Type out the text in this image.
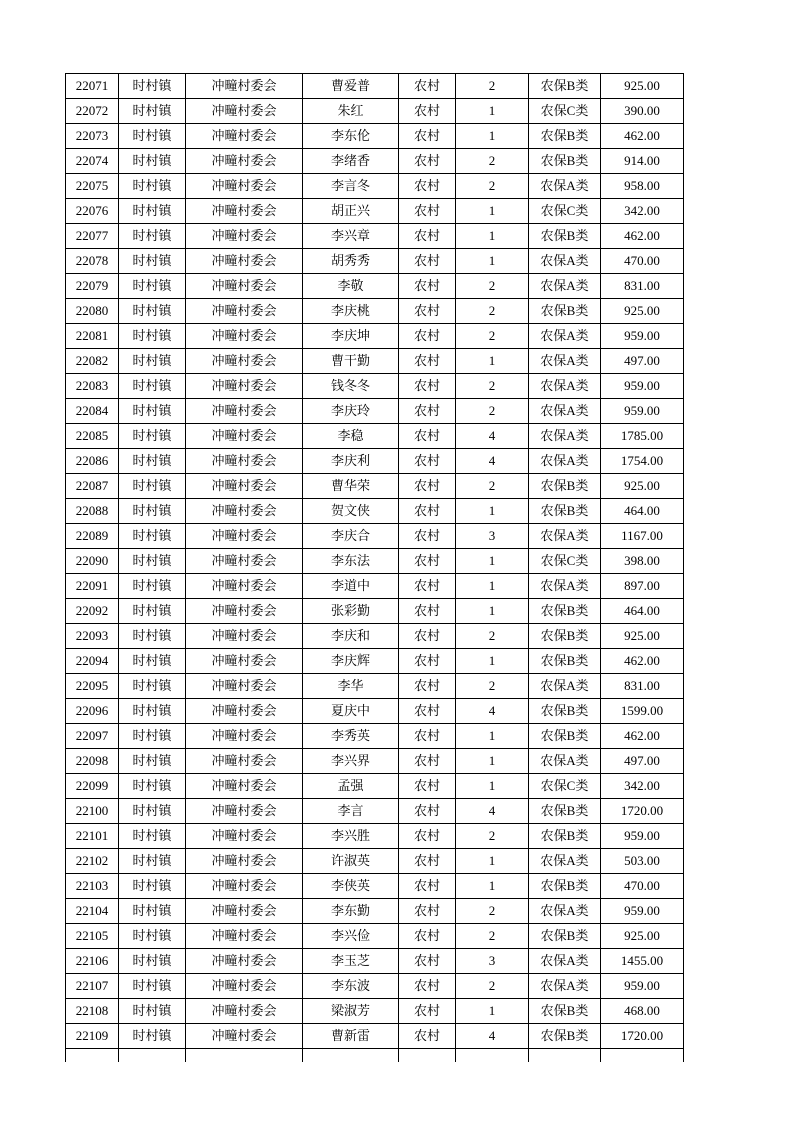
22071	时村镇	冲疃村委会	曹爱普	农村	2	农保B类	925.00
22072	时村镇	冲疃村委会	朱红	农村	1	农保C类	390.00
22073	时村镇	冲疃村委会	李东伦	农村	1	农保B类	462.00
22074	时村镇	冲疃村委会	李绪香	农村	2	农保B类	914.00
22075	时村镇	冲疃村委会	李言冬	农村	2	农保A类	958.00
22076	时村镇	冲疃村委会	胡正兴	农村	1	农保C类	342.00
22077	时村镇	冲疃村委会	李兴章	农村	1	农保B类	462.00
22078	时村镇	冲疃村委会	胡秀秀	农村	1	农保A类	470.00
22079	时村镇	冲疃村委会	李敬	农村	2	农保A类	831.00
22080	时村镇	冲疃村委会	李庆桃	农村	2	农保B类	925.00
22081	时村镇	冲疃村委会	李庆坤	农村	2	农保A类	959.00
22082	时村镇	冲疃村委会	曹干勤	农村	1	农保A类	497.00
22083	时村镇	冲疃村委会	钱冬冬	农村	2	农保A类	959.00
22084	时村镇	冲疃村委会	李庆玲	农村	2	农保A类	959.00
22085	时村镇	冲疃村委会	李稳	农村	4	农保A类	1785.00
22086	时村镇	冲疃村委会	李庆利	农村	4	农保A类	1754.00
22087	时村镇	冲疃村委会	曹华荣	农村	2	农保B类	925.00
22088	时村镇	冲疃村委会	贺文侠	农村	1	农保B类	464.00
22089	时村镇	冲疃村委会	李庆合	农村	3	农保A类	1167.00
22090	时村镇	冲疃村委会	李东法	农村	1	农保C类	398.00
22091	时村镇	冲疃村委会	李道中	农村	1	农保A类	897.00
22092	时村镇	冲疃村委会	张彩勤	农村	1	农保B类	464.00
22093	时村镇	冲疃村委会	李庆和	农村	2	农保B类	925.00
22094	时村镇	冲疃村委会	李庆辉	农村	1	农保B类	462.00
22095	时村镇	冲疃村委会	李华	农村	2	农保A类	831.00
22096	时村镇	冲疃村委会	夏庆中	农村	4	农保B类	1599.00
22097	时村镇	冲疃村委会	李秀英	农村	1	农保B类	462.00
22098	时村镇	冲疃村委会	李兴界	农村	1	农保A类	497.00
22099	时村镇	冲疃村委会	孟强	农村	1	农保C类	342.00
22100	时村镇	冲疃村委会	李言	农村	4	农保B类	1720.00
22101	时村镇	冲疃村委会	李兴胜	农村	2	农保B类	959.00
22102	时村镇	冲疃村委会	许淑英	农村	1	农保A类	503.00
22103	时村镇	冲疃村委会	李侠英	农村	1	农保B类	470.00
22104	时村镇	冲疃村委会	李东勤	农村	2	农保A类	959.00
22105	时村镇	冲疃村委会	李兴俭	农村	2	农保B类	925.00
22106	时村镇	冲疃村委会	李玉芝	农村	3	农保A类	1455.00
22107	时村镇	冲疃村委会	李东波	农村	2	农保A类	959.00
22108	时村镇	冲疃村委会	梁淑芳	农村	1	农保B类	468.00
22109	时村镇	冲疃村委会	曹新雷	农村	4	农保B类	1720.00
